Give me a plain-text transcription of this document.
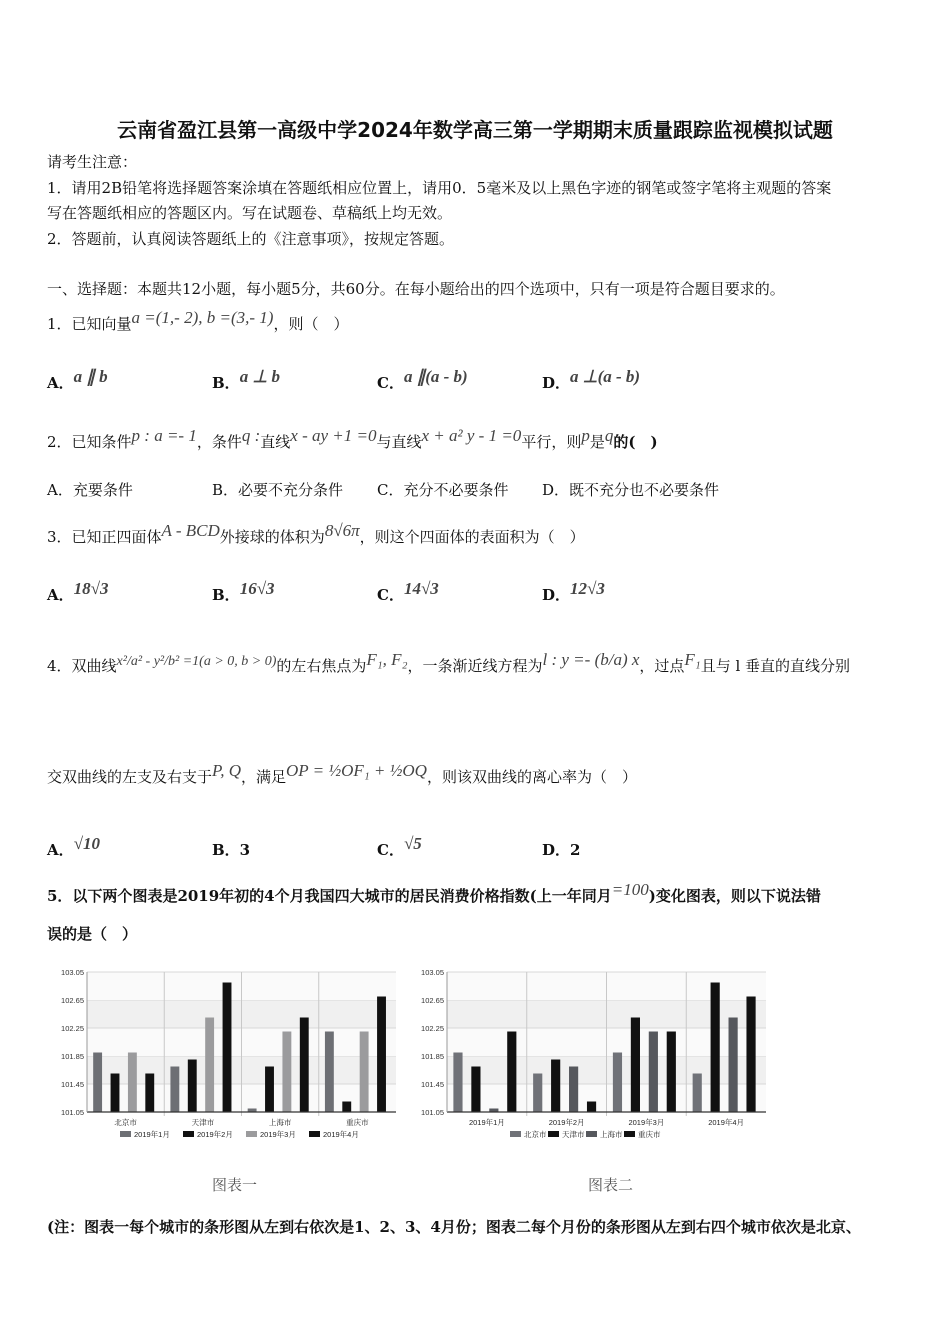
云南省盈江县第一高级中学2024年数学高三第一学期期末质量跟踪监视模拟试题
请考生注意：
1．请用2B铅笔将选择题答案涂填在答题纸相应位置上，请用0．5毫米及以上黑色字迹的钢笔或签字笔将主观题的答案
写在答题纸相应的答题区内。写在试题卷、草稿纸上均无效。
2．答题前，认真阅读答题纸上的《注意事项》，按规定答题。
一、选择题：本题共12小题，每小题5分，共60分。在每小题给出的四个选项中，只有一项是符合题目要求的。
1．已知向量a =(1,- 2), b =(3,- 1)，则（　）
A．a ∥ b	B．a ⊥ b	C．a ∥(a - b)	D．a ⊥(a - b)
2．已知条件p : a =- 1，条件q :直线x - ay +1 =0与直线x + a² y - 1 =0平行，则p是q的(　)
A．充要条件	B．必要不充分条件 C．充分不必要条件 D．既不充分也不必要条件
3．已知正四面体A - BCD外接球的体积为8√6π，则这个四面体的表面积为（　）
A．18√3	B．16√3	C．14√3	D．12√3
4．双曲线x²/a² - y²/b² =1(a > 0, b > 0)的左右焦点为F₁, F₂，一条渐近线方程为l : y =- (b/a) x，过点F₁且与 l 垂直的直线分别
交双曲线的左支及右支于P, Q，满足OP = ½OF₁ + ½OQ，则该双曲线的离心率为（　）
A．√10	B．3	C．√5	D．2
5．以下两个图表是2019年初的4个月我国四大城市的居民消费价格指数(上一年同月=100)变化图表，则以下说法错
误的是（　）
101.05
101.45
101.85
102.25
102.65
103.05
北京市	天津市	上海市	重庆市
2019年1月	2019年2月	2019年3月	2019年4月
101.05
101.45
101.85
102.25
102.65
103.05
2019年1月	2019年2月	2019年3月	2019年4月
北京市 天津市 上海市 重庆市
图表一	图表二
(注：图表一每个城市的条形图从左到右依次是1、2、3、4月份；图表二每个月份的条形图从左到右四个城市依次是北京、
